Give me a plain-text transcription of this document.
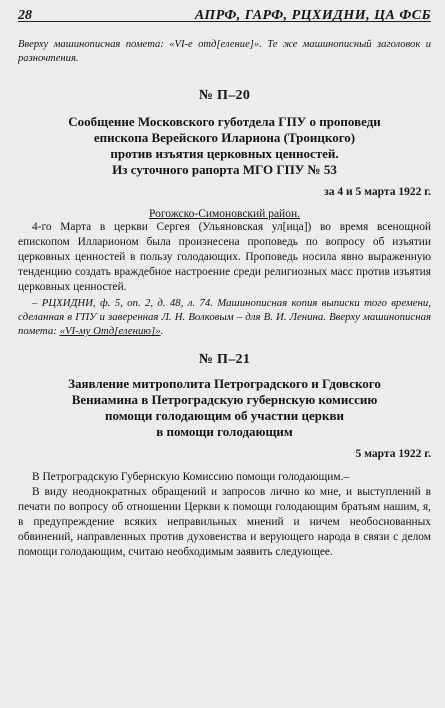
28	АПРФ, ГАРФ, РЦХИДНИ, ЦА ФСБ
Вверху машинописная помета: «VI-е отд[еление]». Те же машинописный заголовок и разночтения.
№ П–20
Сообщение Московского губотдела ГПУ о проповеди
епископа Верейского Илариона (Троицкого)
против изъятия церковных ценностей.
Из суточного рапорта МГО ГПУ № 53
за 4 и 5 марта 1922 г.
Рогожско-Симоновский район.

4-го Марта в церкви Сергея (Ульяновская ул[ица]) во время всенощной епископом Илларионом была произнесена проповедь по вопросу об изъятии церковных ценностей в пользу голодающих. Проповедь носила явно выраженную тенденцию создать враждебное настроение среди религиозных масс против изъятия церковных ценностей.

– РЦХИДНИ, ф. 5, оп. 2, д. 48, л. 74. Машинописная копия выписки того времени, сделанная в ГПУ и заверенная Л. Н. Волковым – для В. И. Ленина. Вверху машинописная помета: «VI-му Отд[елению]».
№ П–21
Заявление митрополита Петроградского и Гдовского
Вениамина в Петроградскую губернскую комиссию
помощи голодающим об участии церкви
в помощи голодающим
5 марта 1922 г.

В Петроградскую Губернскую Комиссию помощи голодающим.–

В виду неоднократных обращений и запросов лично ко мне, и выступлений в печати по вопросу об отношении Церкви к помощи голодающим братьям нашим, я, в предупреждение всяких неправильных мнений и ничем необоснованных обвинений, направленных против духовенства и верующего народа в связи с делом помощи голодающим, считаю необходимым заявить следующее.
